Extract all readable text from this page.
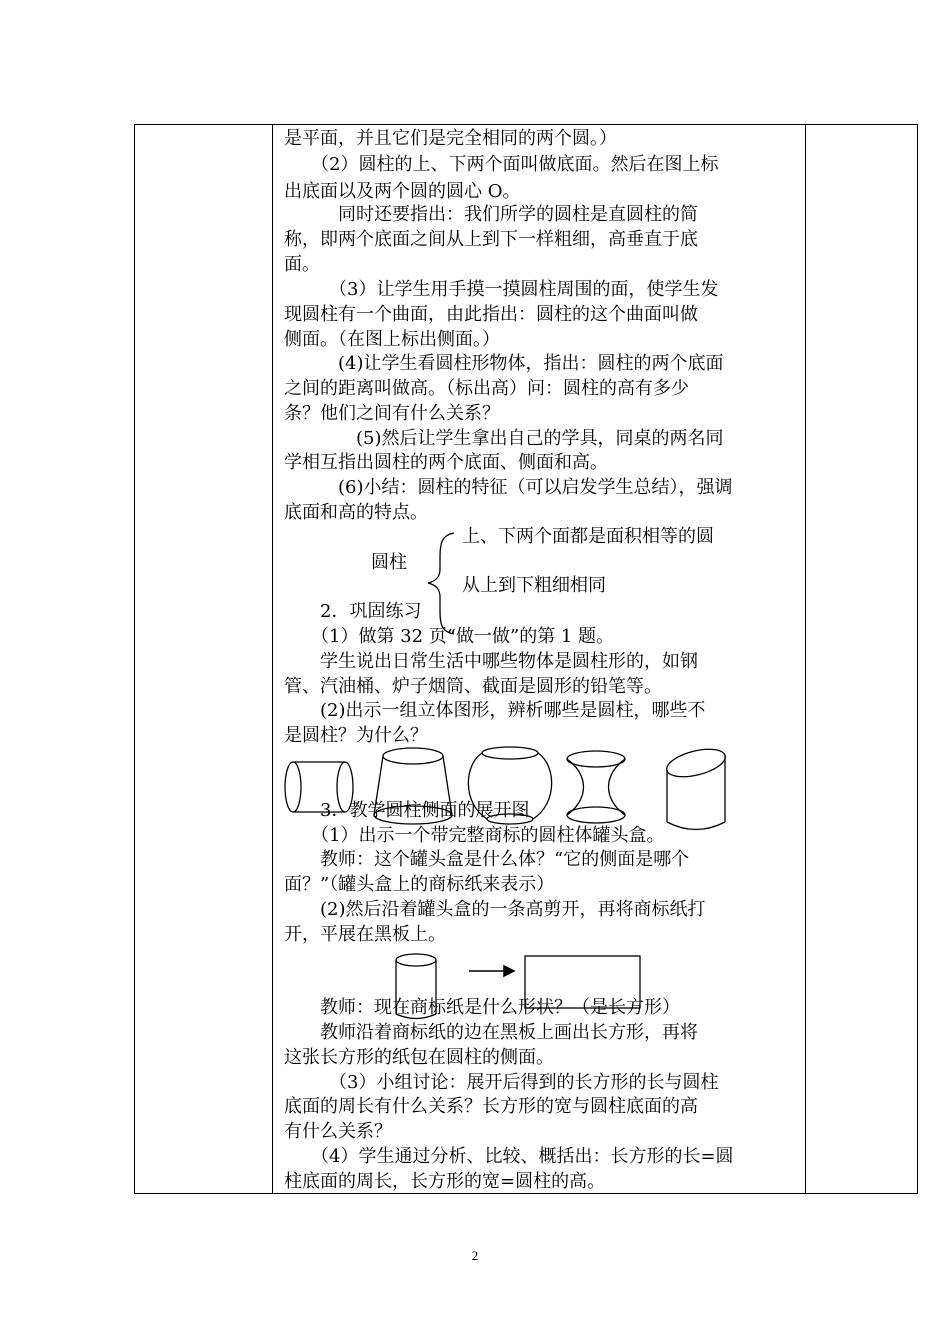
是平面，并且它们是完全相同的两个圆。）
　　（2）圆柱的上、下两个面叫做底面。然后在图上标
出底面以及两个圆的圆心 O。
　　　同时还要指出：我们所学的圆柱是直圆柱的简
称，即两个底面之间从上到下一样粗细，高垂直于底
面。
　　　（3）让学生用手摸一摸圆柱周围的面，使学生发
现圆柱有一个曲面，由此指出：圆柱的这个曲面叫做
侧面。（在图上标出侧面。）
　　　(4)让学生看圆柱形物体，指出：圆柱的两个底面
之间的距离叫做高。（标出高）问：圆柱的高有多少
条？他们之间有什么关系？
　　　　(5)然后让学生拿出自己的学具，同桌的两名同
学相互指出圆柱的两个底面、侧面和高。
　　　(6)小结：圆柱的特征（可以启发学生总结），强调
底面和高的特点。
圆柱
上、下两个面都是面积相等的圆
从上到下粗细相同
　　2．巩固练习
　　（1）做第 32 页“做一做”的第 1 题。
　　学生说出日常生活中哪些物体是圆柱形的，如钢
管、汽油桶、炉子烟筒、截面是圆形的铅笔等。
　　(2)出示一组立体图形，辨析哪些是圆柱，哪些不
是圆柱？为什么？
　　3．教学圆柱侧面的展开图
　　（1）出示一个带完整商标的圆柱体罐头盒。
　　教师：这个罐头盒是什么体？“它的侧面是哪个
面？”（罐头盒上的商标纸来表示）
　　(2)然后沿着罐头盒的一条高剪开，再将商标纸打
开，平展在黑板上。
　　教师：现在商标纸是什么形状？（是长方形）
　　教师沿着商标纸的边在黑板上画出长方形，再将
这张长方形的纸包在圆柱的侧面。
　　　（3）小组讨论：展开后得到的长方形的长与圆柱
底面的周长有什么关系？长方形的宽与圆柱底面的高
有什么关系？
　　（4）学生通过分析、比较、概括出：长方形的长=圆
柱底面的周长，长方形的宽=圆柱的高。
2
